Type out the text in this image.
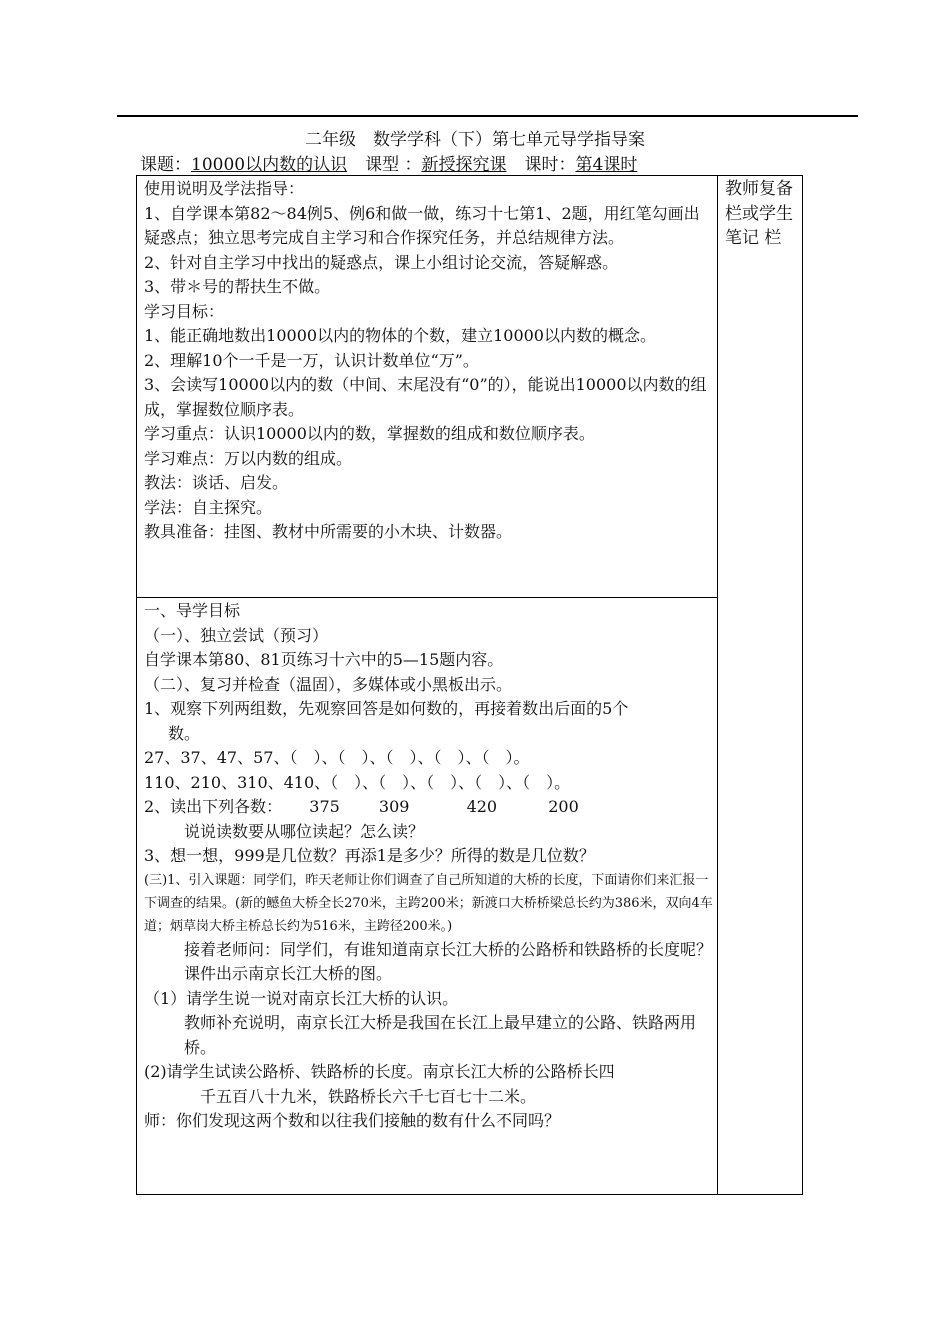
二年级　数学学科（下）第七单元导学指导案
课题：10000以内数的认识 课型 ：新授探究课 课时：第4课时
教师复备栏或学生笔记 栏

使用说明及学法指导：

1、自学课本第82～84例5、例6和做一做，练习十七第1、2题，用红笔勾画出疑惑点；独立思考完成自主学习和合作探究任务，并总结规律方法。

2、针对自主学习中找出的疑惑点，课上小组讨论交流，答疑解惑。

3、带＊号的帮扶生不做。

学习目标：

1、能正确地数出10000以内的物体的个数，建立10000以内数的概念。

2、理解10个一千是一万，认识计数单位“万”。

3、会读写10000以内的数（中间、末尾没有“0”的），能说出10000以内数的组成，掌握数位顺序表。

学习重点：认识10000以内的数，掌握数的组成和数位顺序表。

学习难点：万以内数的组成。

教法：谈话、启发。

学法：自主探究。

教具准备：挂图、教材中所需要的小木块、计数器。

一、导学目标

（一）、独立尝试（预习）

自学课本第80、81页练习十六中的5—15题内容。

（二）、复习并检查（温固），多媒体或小黑板出示。

1、观察下列两组数，先观察回答是如何数的，再接着数出后面的5个

数。

27、37、47、57、（　）、（　）、（　）、（　）、（　）。

110、210、310、410、（　）、（　）、（　）、（　）、（　）。

2、读出下列各数： 375 309	420	200

说说读数要从哪位读起？怎么读？

3、想一想，999是几位数？再添1是多少？所得的数是几位数？

(三)1、引入课题：同学们，昨天老师让你们调查了自己所知道的大桥的长度，下面请你们来汇报一下调查的结果。(新的鳡鱼大桥全长270米，主跨200米；新渡口大桥桥梁总长约为386米，双向4车道；炳草岗大桥主桥总长约为516米，主跨径200米。)

接着老师问：同学们，有谁知道南京长江大桥的公路桥和铁路桥的长度呢？

课件出示南京长江大桥的图。

（1）请学生说一说对南京长江大桥的认识。

教师补充说明，南京长江大桥是我国在长江上最早建立的公路、铁路两用桥。

(2)请学生试读公路桥、铁路桥的长度。南京长江大桥的公路桥长四

千五百八十九米，铁路桥长六千七百七十二米。

师：你们发现这两个数和以往我们接触的数有什么不同吗？
